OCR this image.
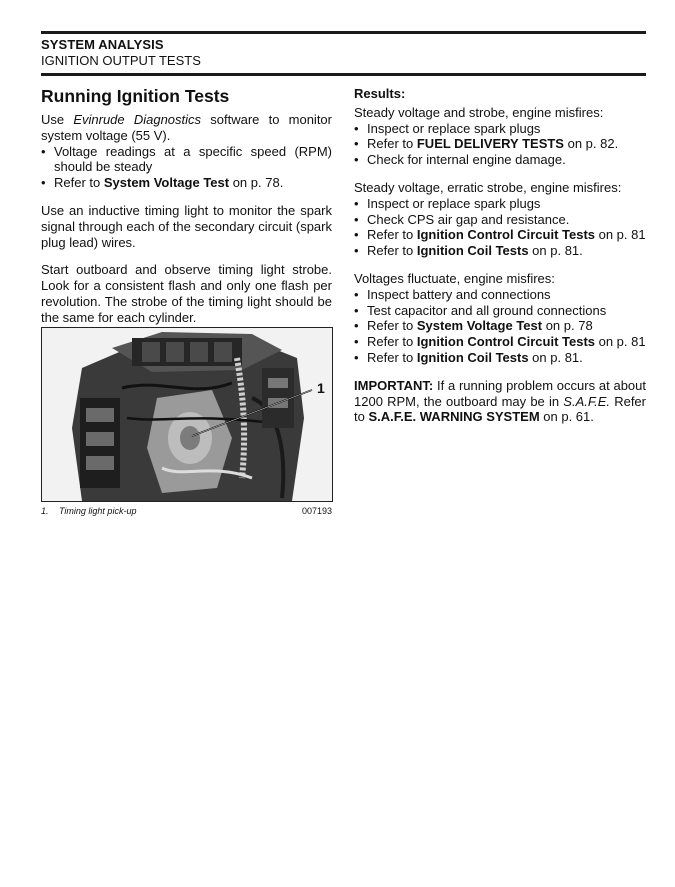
SYSTEM ANALYSIS
IGNITION OUTPUT TESTS
Running Ignition Tests

Use Evinrude Diagnostics software to monitor system voltage (55 V).

• Voltage readings at a specific speed (RPM) should be steady
• Refer to System Voltage Test on p. 78.

Use an inductive timing light to monitor the spark signal through each of the secondary circuit (spark plug lead) wires.

Start outboard and observe timing light strobe. Look for a consistent flash and only one flash per revolution. The strobe of the timing light should be the same for each cylinder.

1
1. Timing light pick-up	007193
Results:

Steady voltage and strobe, engine misfires:

• Inspect or replace spark plugs
• Refer to FUEL DELIVERY TESTS on p. 82.
• Check for internal engine damage.

Steady voltage, erratic strobe, engine misfires:

• Inspect or replace spark plugs
• Check CPS air gap and resistance.
• Refer to Ignition Control Circuit Tests on p. 81
• Refer to Ignition Coil Tests on p. 81.

Voltages fluctuate, engine misfires:

• Inspect battery and connections
• Test capacitor and all ground connections
• Refer to System Voltage Test on p. 78
• Refer to Ignition Control Circuit Tests on p. 81
• Refer to Ignition Coil Tests on p. 81.

IMPORTANT: If a running problem occurs at about 1200 RPM, the outboard may be in S.A.F.E. Refer to S.A.F.E. WARNING SYSTEM on p. 61.
